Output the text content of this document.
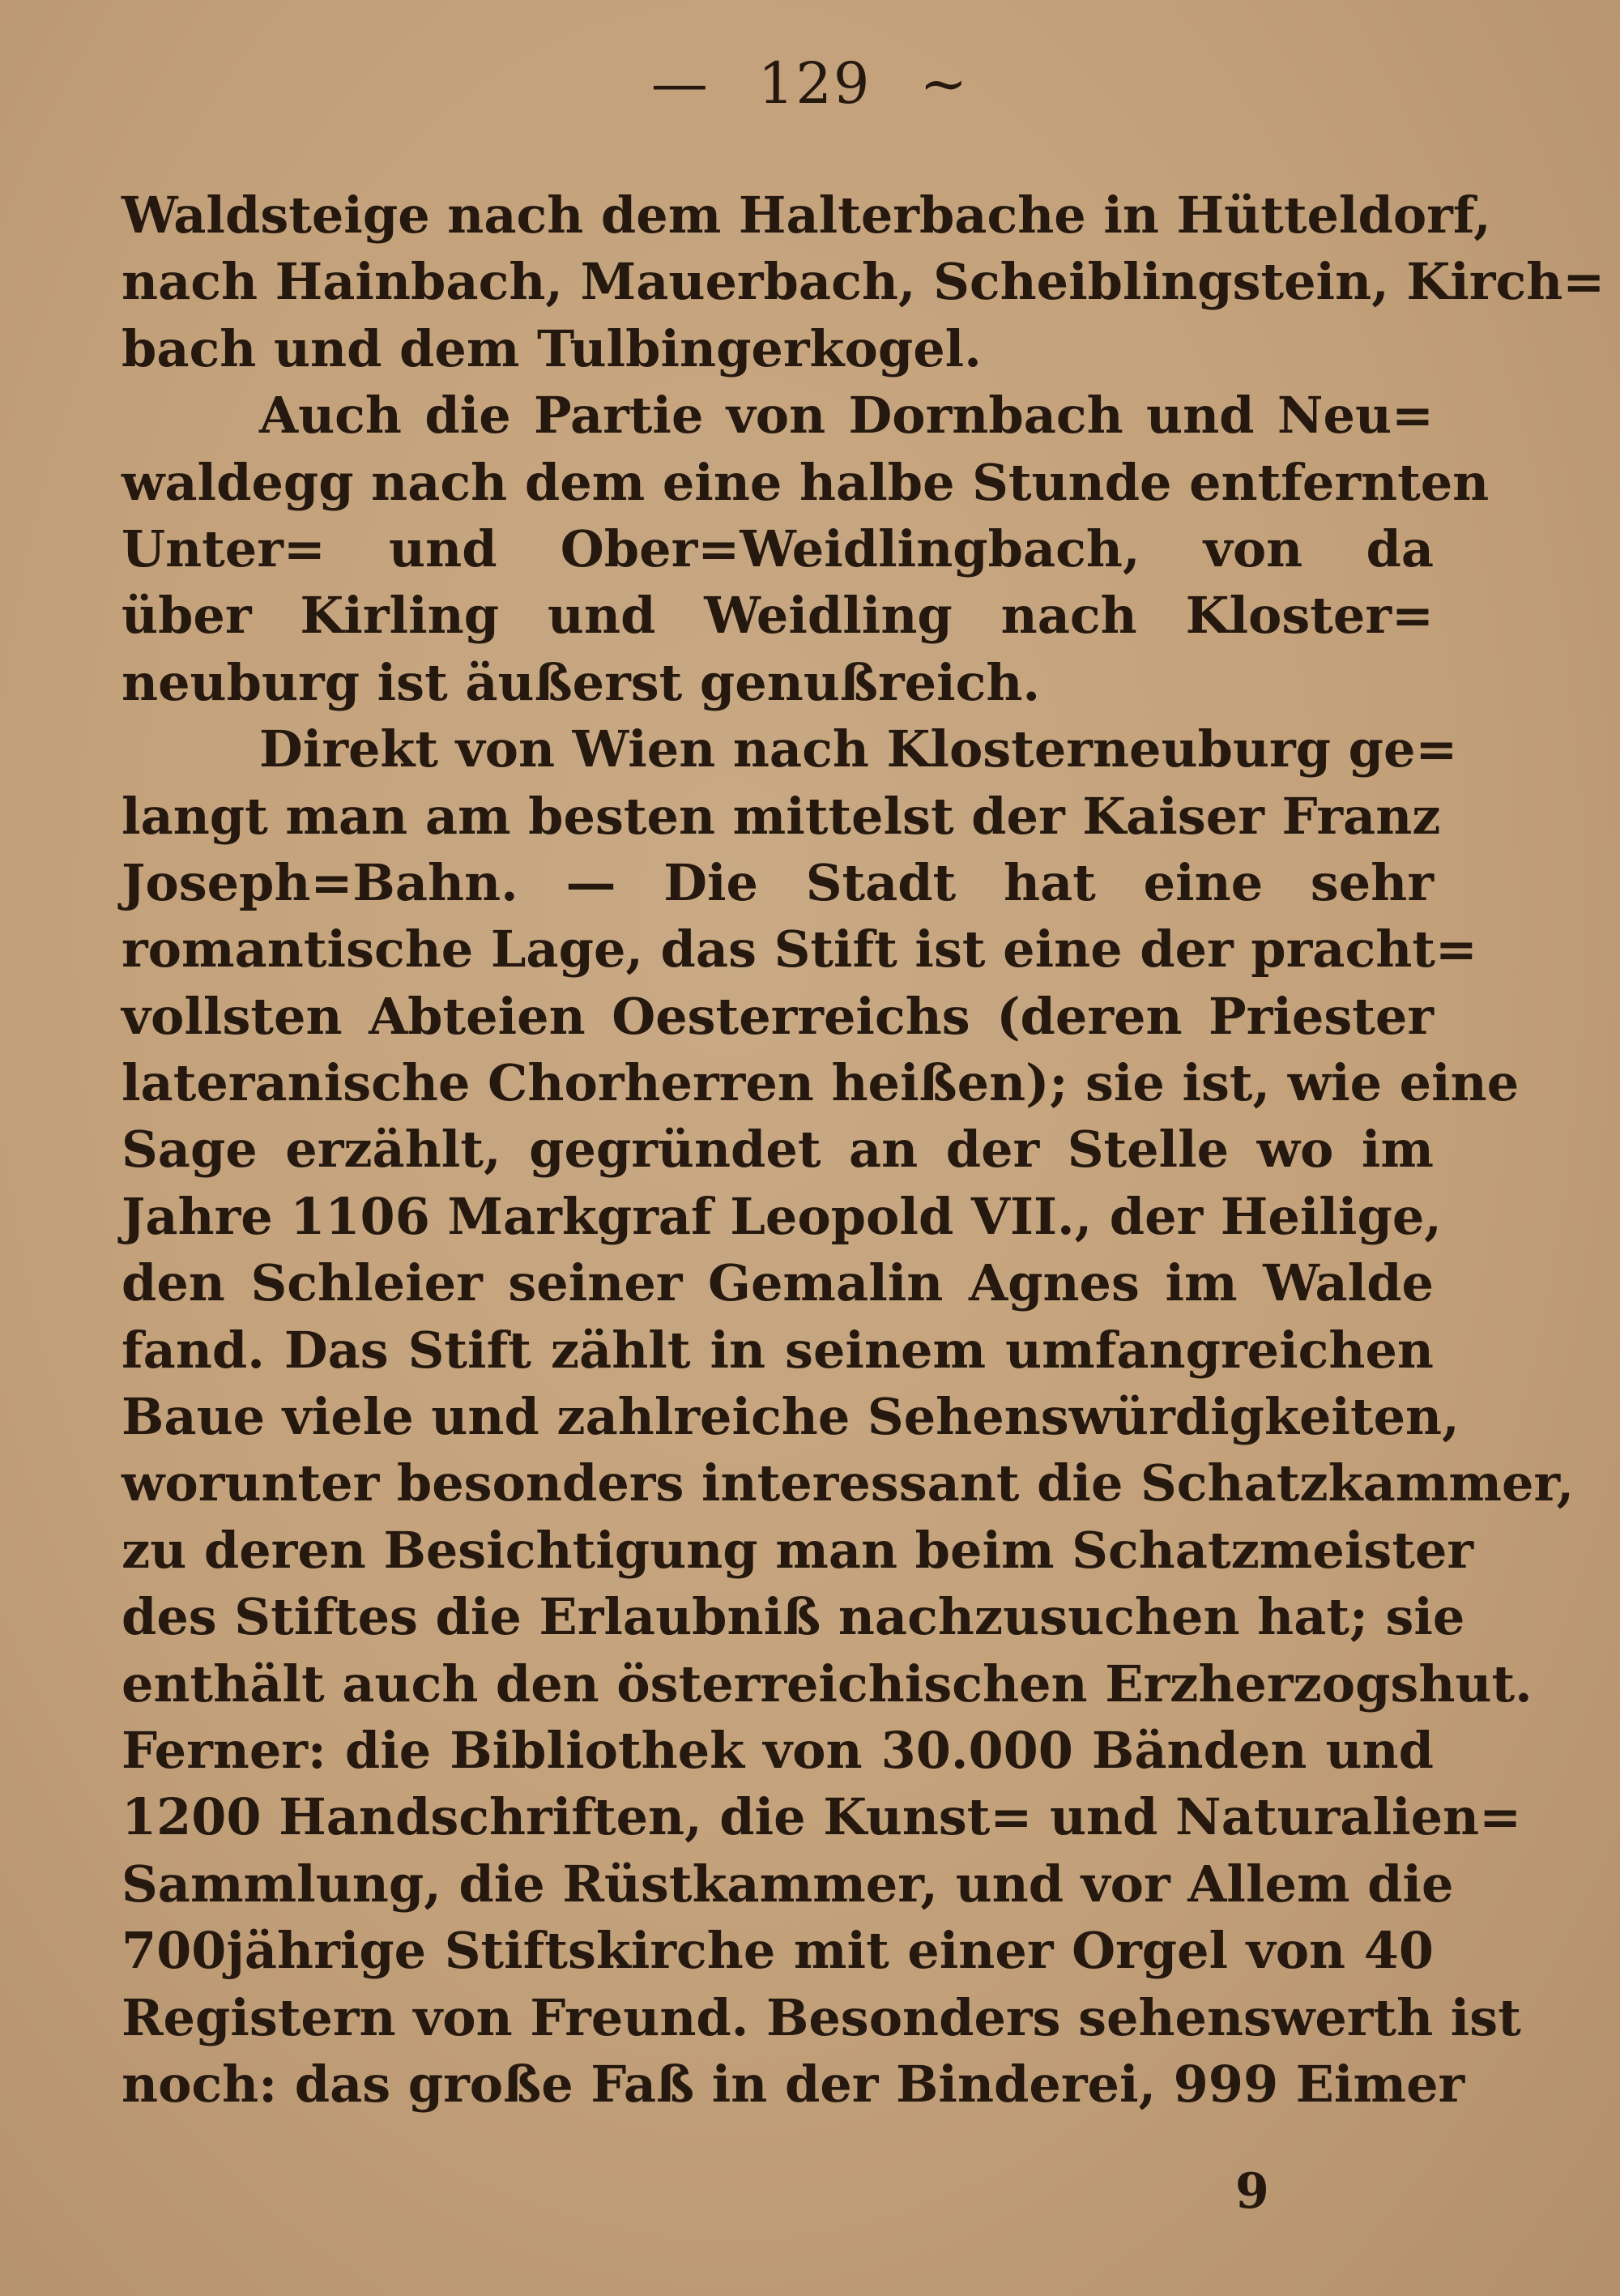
— 129 ~
Waldsteige nach dem Halterbache in Hütteldorf,
nach Hainbach, Mauerbach, Scheiblingstein, Kirch=
bach und dem Tulbingerkogel.
Auch die Partie von Dornbach und Neu=
waldegg nach dem eine halbe Stunde entfernten
Unter= und Ober=Weidlingbach, von da
über Kirling und Weidling nach Kloster=
neuburg ist äußerst genußreich.
Direkt von Wien nach Klosterneuburg ge=
langt man am besten mittelst der Kaiser Franz
Joseph=Bahn. — Die Stadt hat eine sehr
romantische Lage, das Stift ist eine der pracht=
vollsten Abteien Oesterreichs (deren Priester
lateranische Chorherren heißen); sie ist, wie eine
Sage erzählt, gegründet an der Stelle wo im
Jahre 1106 Markgraf Leopold VII., der Heilige,
den Schleier seiner Gemalin Agnes im Walde
fand. Das Stift zählt in seinem umfangreichen
Baue viele und zahlreiche Sehenswürdigkeiten,
worunter besonders interessant die Schatzkammer,
zu deren Besichtigung man beim Schatzmeister
des Stiftes die Erlaubniß nachzusuchen hat; sie
enthält auch den österreichischen Erzherzogshut.
Ferner: die Bibliothek von 30.000 Bänden und
1200 Handschriften, die Kunst= und Naturalien=
Sammlung, die Rüstkammer, und vor Allem die
700jährige Stiftskirche mit einer Orgel von 40
Registern von Freund. Besonders sehenswerth ist
noch: das große Faß in der Binderei, 999 Eimer
9
